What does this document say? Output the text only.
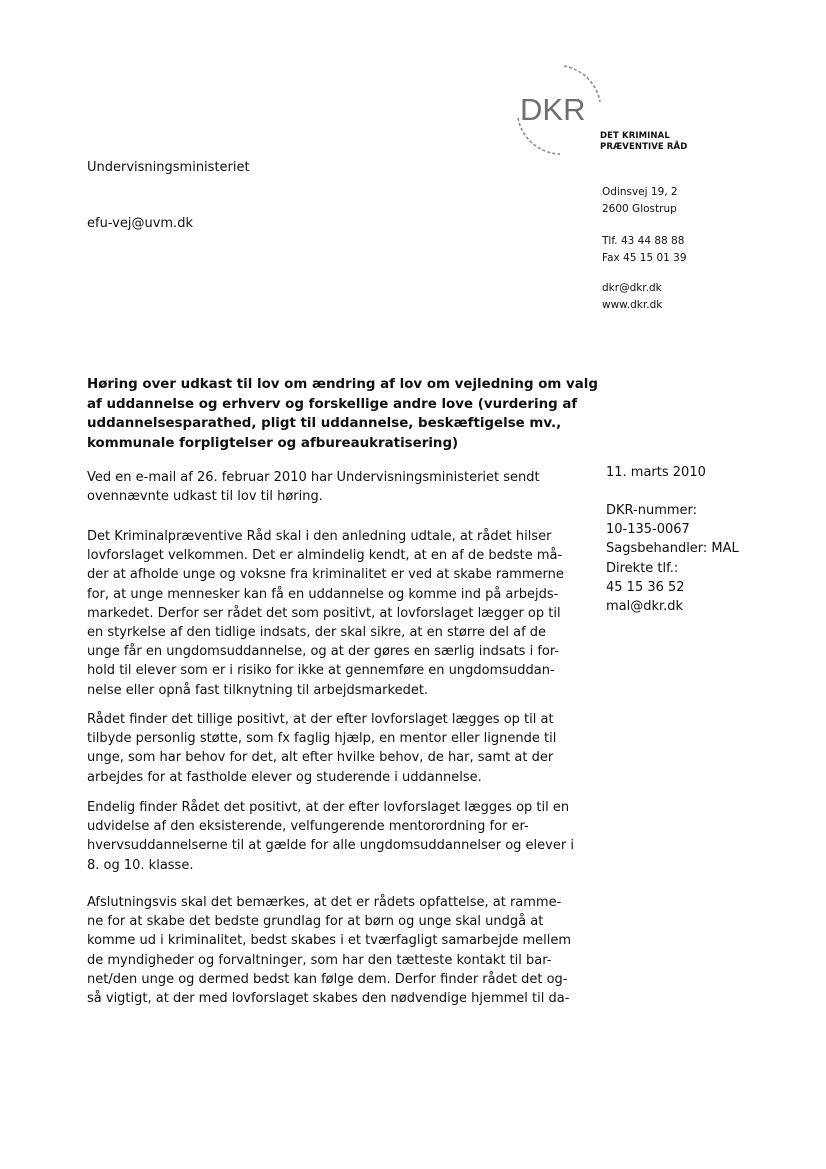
DKR
DET KRIMINAL
PRÆVENTIVE RÅD
Undervisningsministeriet
efu-vej@uvm.dk
Odinsvej 19, 2
2600 Glostrup
Tlf. 43 44 88 88
Fax 45 15 01 39
dkr@dkr.dk
www.dkr.dk
Høring over udkast til lov om ændring af lov om vejledning om valg
af uddannelse og erhverv og forskellige andre love (vurdering af
uddannelsesparathed, pligt til uddannelse, beskæftigelse mv.,
kommunale forpligtelser og afbureaukratisering)
11. marts 2010
DKR-nummer:
10-135-0067
Sagsbehandler: MAL
Direkte tlf.:
45 15 36 52
mal@dkr.dk
Ved en e-mail af 26. februar 2010 har Undervisningsministeriet sendt
ovennævnte udkast til lov til høring.
Det Kriminalpræventive Råd skal i den anledning udtale, at rådet hilser
lovforslaget velkommen. Det er almindelig kendt, at en af de bedste må-
der at afholde unge og voksne fra kriminalitet er ved at skabe rammerne
for, at unge mennesker kan få en uddannelse og komme ind på arbejds-
markedet. Derfor ser rådet det som positivt, at lovforslaget lægger op til
en styrkelse af den tidlige indsats, der skal sikre, at en større del af de
unge får en ungdomsuddannelse, og at der gøres en særlig indsats i for-
hold til elever som er i risiko for ikke at gennemføre en ungdomsuddan-
nelse eller opnå fast tilknytning til arbejdsmarkedet.
Rådet finder det tillige positivt, at der efter lovforslaget lægges op til at
tilbyde personlig støtte, som fx faglig hjælp, en mentor eller lignende til
unge, som har behov for det, alt efter hvilke behov, de har, samt at der
arbejdes for at fastholde elever og studerende i uddannelse.
Endelig finder Rådet det positivt, at der efter lovforslaget lægges op til en
udvidelse af den eksisterende, velfungerende mentorordning for er-
hvervsuddannelserne til at gælde for alle ungdomsuddannelser og elever i
8. og 10. klasse.
Afslutningsvis skal det bemærkes, at det er rådets opfattelse, at ramme-
ne for at skabe det bedste grundlag for at børn og unge skal undgå at
komme ud i kriminalitet, bedst skabes i et tværfagligt samarbejde mellem
de myndigheder og forvaltninger, som har den tætteste kontakt til bar-
net/den unge og dermed bedst kan følge dem. Derfor finder rådet det og-
så vigtigt, at der med lovforslaget skabes den nødvendige hjemmel til da-
